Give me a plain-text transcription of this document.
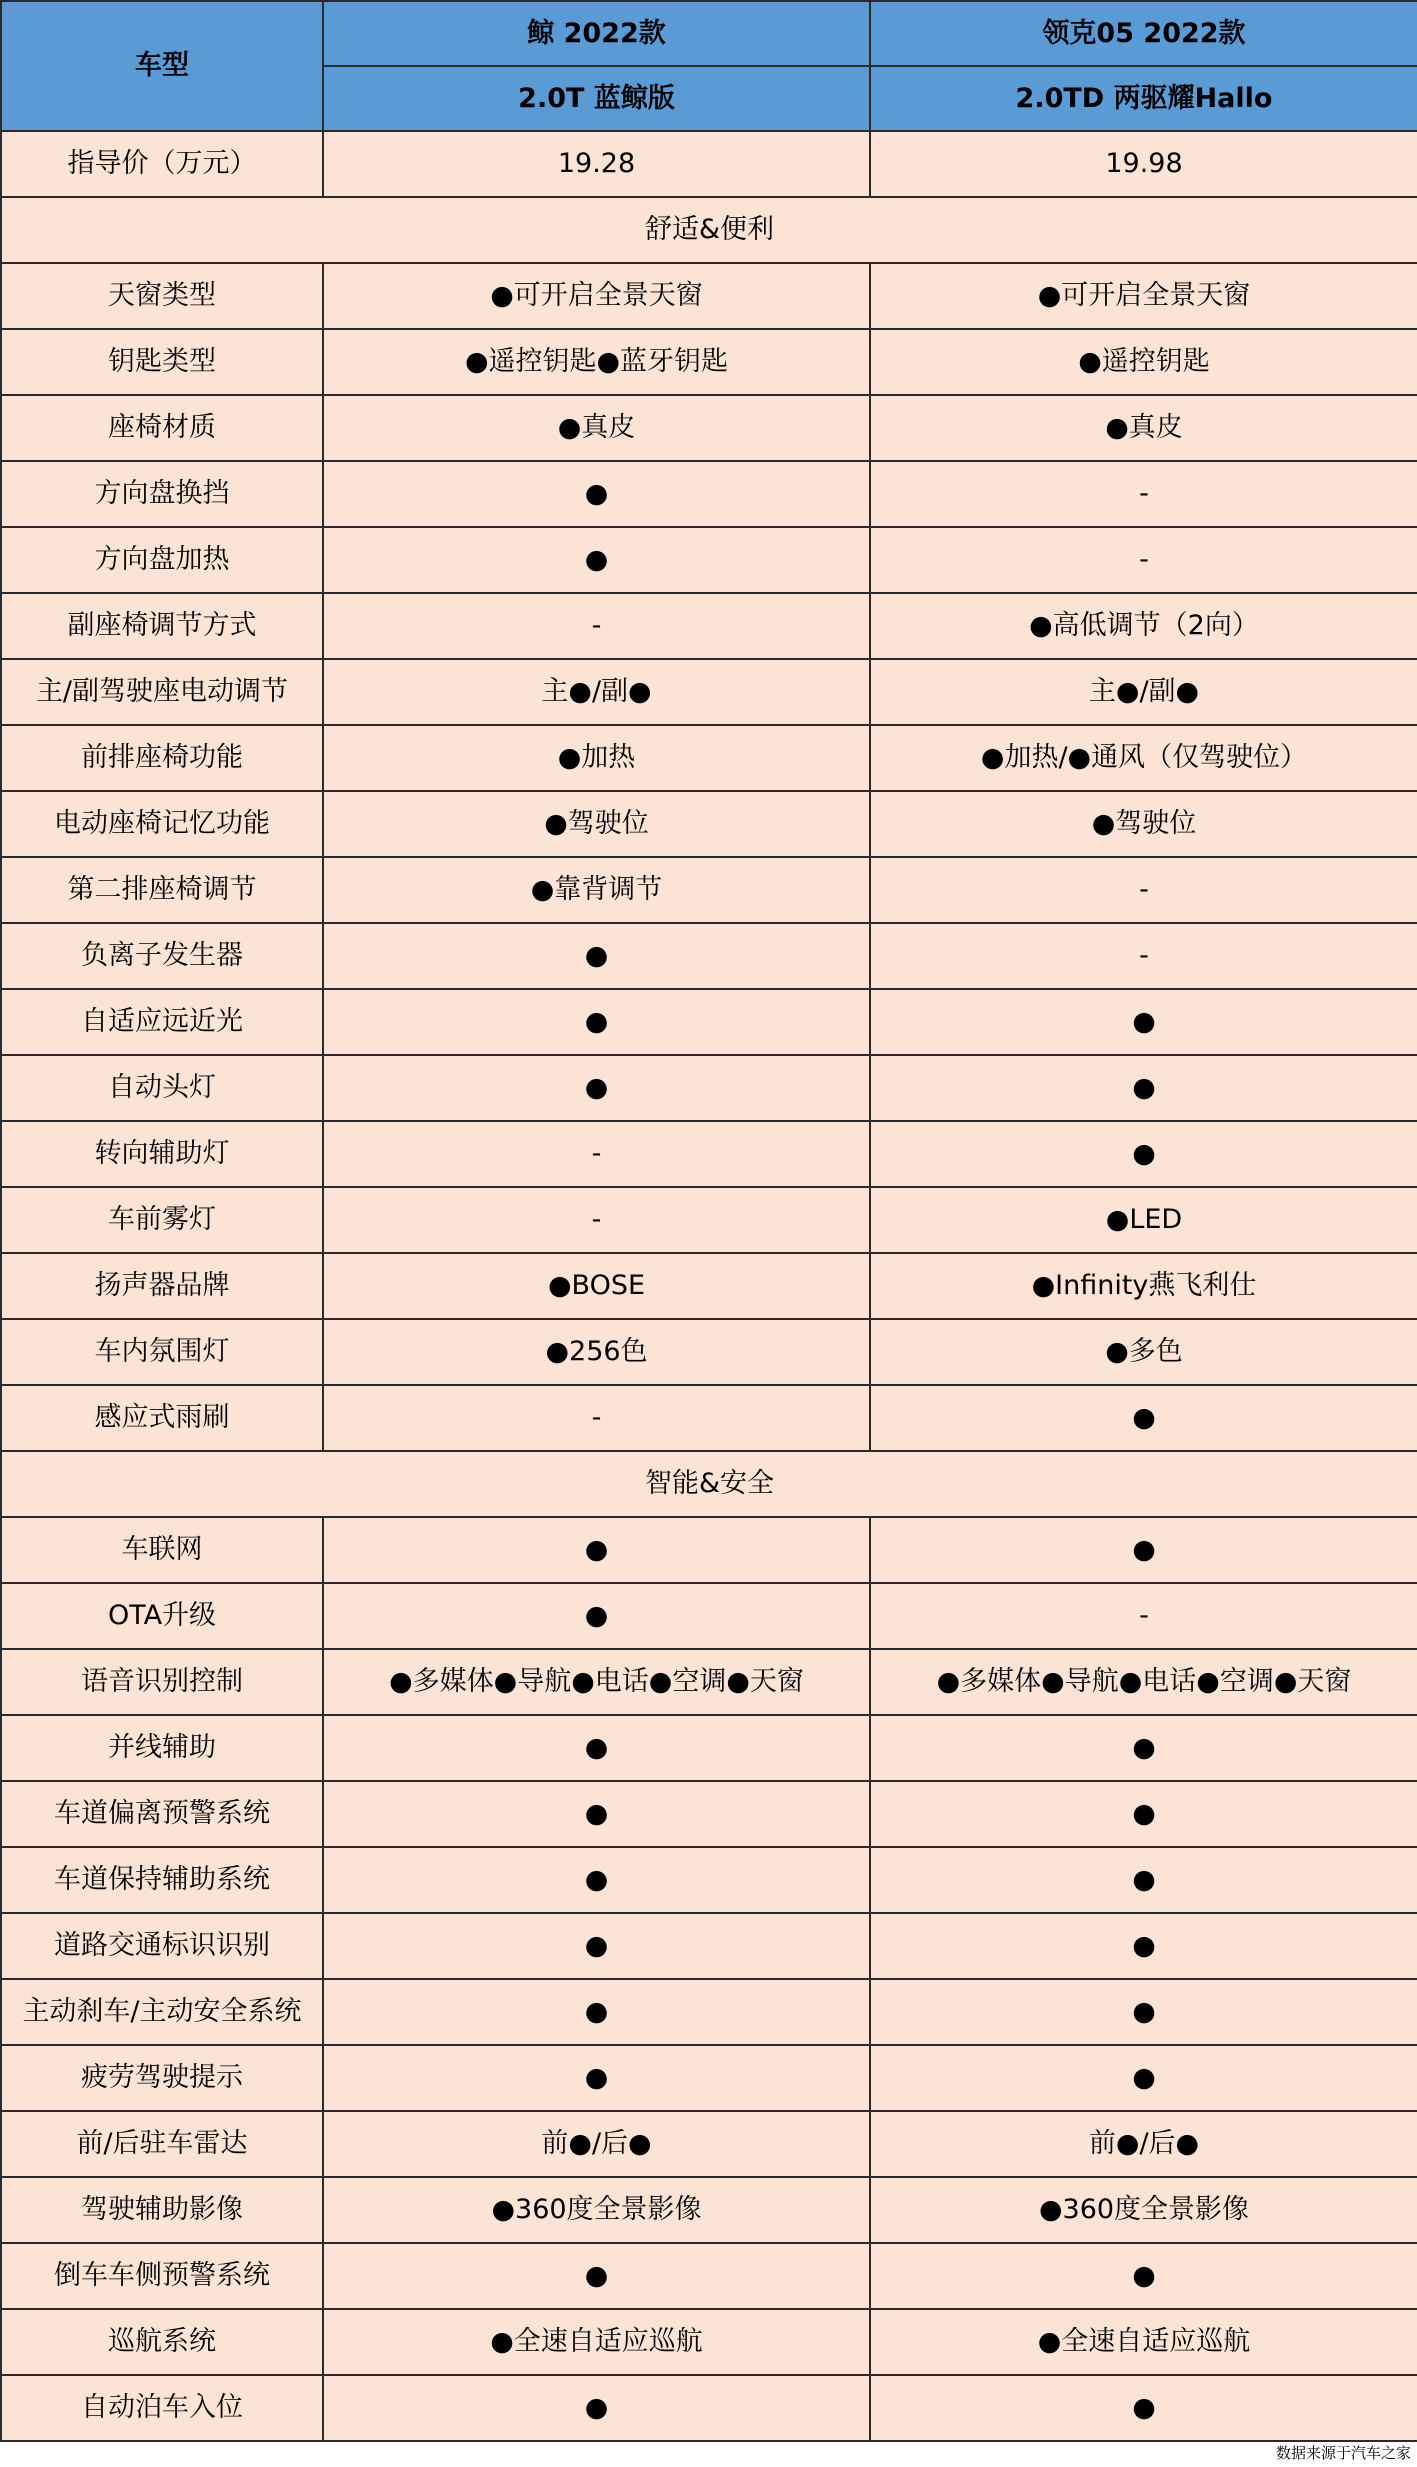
车型	鲸 2022款	领克05 2022款
	2.0T 蓝鲸版	2.0TD 两驱耀Hallo
指导价（万元）	19.28	19.98
舒适&便利		
天窗类型	●可开启全景天窗	●可开启全景天窗
钥匙类型	●遥控钥匙●蓝牙钥匙	●遥控钥匙
座椅材质	●真皮	●真皮
方向盘换挡	●	-
方向盘加热	●	-
副座椅调节方式	-	●高低调节（2向）
主/副驾驶座电动调节	主●/副●	主●/副●
前排座椅功能	●加热	●加热/●通风（仅驾驶位）
电动座椅记忆功能	●驾驶位	●驾驶位
第二排座椅调节	●靠背调节	-
负离子发生器	●	-
自适应远近光	●	●
自动头灯	●	●
转向辅助灯	-	●
车前雾灯	-	●LED
扬声器品牌	●BOSE	●Infinity燕飞利仕
车内氛围灯	●256色	●多色
感应式雨刷	-	●
智能&安全		
车联网	●	●
OTA升级	●	-
语音识别控制	●多媒体●导航●电话●空调●天窗	●多媒体●导航●电话●空调●天窗
并线辅助	●	●
车道偏离预警系统	●	●
车道保持辅助系统	●	●
道路交通标识识别	●	●
主动刹车/主动安全系统	●	●
疲劳驾驶提示	●	●
前/后驻车雷达	前●/后●	前●/后●
驾驶辅助影像	●360度全景影像	●360度全景影像
倒车车侧预警系统	●	●
巡航系统	●全速自适应巡航	●全速自适应巡航
自动泊车入位	●	●
数据来源于汽车之家
